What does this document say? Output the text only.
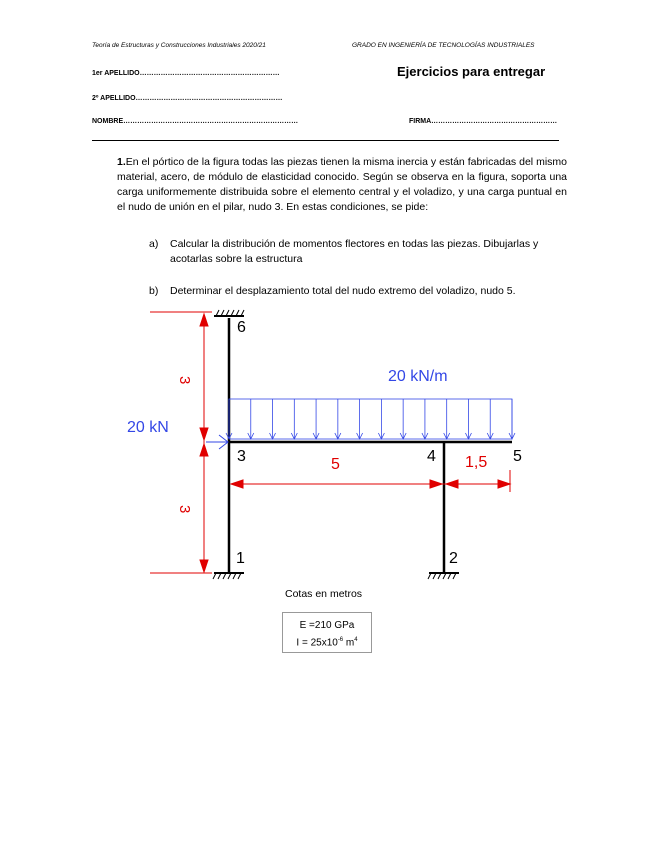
Teoría de Estructuras y Construcciones Industriales 2020/21	GRADO EN INGENIERÍA DE TECNOLOGÍAS INDUSTRIALES
1er APELLIDO……………………………………………………	Ejercicios para entregar
2º APELLIDO………………………………………………………
NOMBRE…………………………………………………………………	FIRMA………………………………………………
1.En el pórtico de la figura todas las piezas tienen la misma inercia y están fabricadas del mismo material, acero, de módulo de elasticidad conocido. Según se observa en la figura, soporta una carga uniformemente distribuida sobre el elemento central y el voladizo, y una carga puntual en el nudo de unión en el pilar, nudo 3. En estas condiciones, se pide:
a) Calcular la distribución de momentos flectores en todas las piezas. Dibujarlas y acotarlas sobre la estructura
b) Determinar el desplazamiento total del nudo extremo del voladizo, nudo 5.
20 kN/m
20 kN
3
3
5	1,5
6
3	4	5
1	2
Cotas en metros
E =210 GPa
$I = 25x10^{-6}$ $m^4$
